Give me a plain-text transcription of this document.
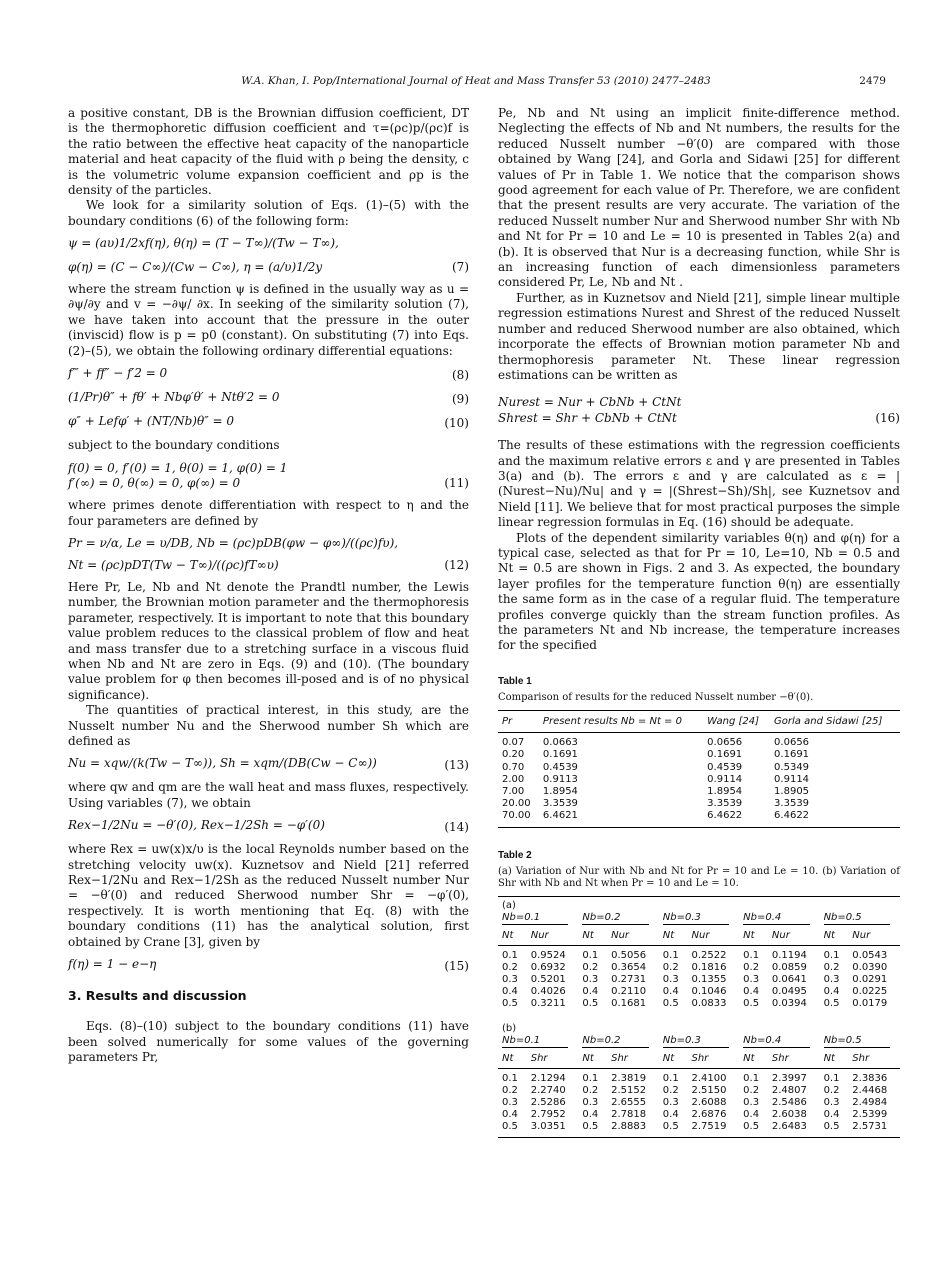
W.A. Khan, I. Pop/International Journal of Heat and Mass Transfer 53 (2010) 2477–2483	2479

a positive constant, DB is the Brownian diffusion coefficient, DT is the thermophoretic diffusion coefficient and τ=(ρc)p/(ρc)f is the ratio between the effective heat capacity of the nanoparticle material and heat capacity of the fluid with ρ being the density, c is the volumetric volume expansion coefficient and ρp is the density of the particles.

We look for a similarity solution of Eqs. (1)–(5) with the boundary conditions (6) of the following form:

ψ = (aυ)1/2xf(η), θ(η) = (T − T∞)/(Tw − T∞),
φ(η) = (C − C∞)/(Cw − C∞), η = (a/υ)1/2y	(7)

where the stream function ψ is defined in the usually way as u = ∂ψ/∂y and v = −∂ψ/ ∂x. In seeking of the similarity solution (7), we have taken into account that the pressure in the outer (inviscid) flow is p = p0 (constant). On substituting (7) into Eqs. (2)–(5), we obtain the following ordinary differential equations:

f‴ + ff″ − f′2 = 0	(8)
(1/Pr)θ″ + fθ′ + Nbφ′θ′ + Ntθ′2 = 0	(9)
φ″ + Lefφ′ + (NT/Nb)θ″ = 0	(10)

subject to the boundary conditions

f(0) = 0, f′(0) = 1, θ(0) = 1, φ(0) = 1
f′(∞) = 0, θ(∞) = 0, φ(∞) = 0	(11)

where primes denote differentiation with respect to η and the four parameters are defined by

Pr = ν/α, Le = υ/DB, Nb = (ρc)pDB(φw − φ∞)/((ρc)fυ),
Nt = (ρc)pDT(Tw − T∞)/((ρc)fT∞υ)	(12)

Here Pr, Le, Nb and Nt denote the Prandtl number, the Lewis number, the Brownian motion parameter and the thermophoresis parameter, respectively. It is important to note that this boundary value problem reduces to the classical problem of flow and heat and mass transfer due to a stretching surface in a viscous fluid when Nb and Nt are zero in Eqs. (9) and (10). (The boundary value problem for φ then becomes ill-posed and is of no physical significance).

The quantities of practical interest, in this study, are the Nusselt number Nu and the Sherwood number Sh which are defined as

Nu = xqw/(k(Tw − T∞)), Sh = xqm/(DB(Cw − C∞))	(13)

where qw and qm are the wall heat and mass fluxes, respectively. Using variables (7), we obtain

Rex−1/2Nu = −θ′(0), Rex−1/2Sh = −φ′(0)	(14)

where Rex = uw(x)x/υ is the local Reynolds number based on the stretching velocity uw(x). Kuznetsov and Nield [21] referred Rex−1/2Nu and Rex−1/2Sh as the reduced Nusselt number Nur = −θ′(0) and reduced Sherwood number Shr = −φ′(0), respectively. It is worth mentioning that Eq. (8) with the boundary conditions (11) has the analytical solution, first obtained by Crane [3], given by

f(η) = 1 − e−η	(15)
3. Results and discussion

Eqs. (8)–(10) subject to the boundary conditions (11) have been solved numerically for some values of the governing parameters Pr,

Pe, Nb and Nt using an implicit finite-difference method. Neglecting the effects of Nb and Nt numbers, the results for the reduced Nusselt number −θ′(0) are compared with those obtained by Wang [24], and Gorla and Sidawi [25] for different values of Pr in Table 1. We notice that the comparison shows good agreement for each value of Pr. Therefore, we are confident that the present results are very accurate. The variation of the reduced Nusselt number Nur and Sherwood number Shr with Nb and Nt for Pr = 10 and Le = 10 is presented in Tables 2(a) and (b). It is observed that Nur is a decreasing function, while Shr is an increasing function of each dimensionless parameters considered Pr, Le, Nb and Nt .

Further, as in Kuznetsov and Nield [21], simple linear multiple regression estimations Nurest and Shrest of the reduced Nusselt number and reduced Sherwood number are also obtained, which incorporate the effects of Brownian motion parameter Nb and thermophoresis parameter Nt. These linear regression estimations can be written as

Nurest = Nur + CbNb + CtNt
Shrest = Shr + CbNb + CtNt	(16)

The results of these estimations with the regression coefficients and the maximum relative errors ε and γ are presented in Tables 3(a) and (b). The errors ε and γ are calculated as ε = |(Nurest−Nu)/Nu| and γ = |(Shrest−Sh)/Sh|, see Kuznetsov and Nield [11]. We believe that for most practical purposes the simple linear regression formulas in Eq. (16) should be adequate.

Plots of the dependent similarity variables θ(η) and φ(η) for a typical case, selected as that for Pr = 10, Le=10, Nb = 0.5 and Nt = 0.5 are shown in Figs. 2 and 3. As expected, the boundary layer profiles for the temperature function θ(η) are essentially the same form as in the case of a regular fluid. The temperature profiles converge quickly than the stream function profiles. As the parameters Nt and Nb increase, the temperature increases for the specified

Table 1
Comparison of results for the reduced Nusselt number −θ′(0).
Pr	Present results Nb = Nt = 0	Wang [24]	Gorla and Sidawi [25]
0.07	0.0663	0.0656	0.0656
0.20	0.1691	0.1691	0.1691
0.70	0.4539	0.4539	0.5349
2.00	0.9113	0.9114	0.9114
7.00	1.8954	1.8954	1.8905
20.00	3.3539	3.3539	3.3539
70.00	6.4621	6.4622	6.4622
Table 2
(a) Variation of Nur with Nb and Nt for Pr = 10 and Le = 10. (b) Variation of Shr with Nb and Nt when Pr = 10 and Le = 10.
(a)									

Nb=0.1		Nb=0.2		Nb=0.3		Nb=0.4		Nb=0.5	

Nt	Nur	Nt	Nur	Nt	Nur	Nt	Nur	Nt	Nur
0.1	0.9524	0.1	0.5056	0.1	0.2522	0.1	0.1194	0.1	0.0543
0.2	0.6932	0.2	0.3654	0.2	0.1816	0.2	0.0859	0.2	0.0390
0.3	0.5201	0.3	0.2731	0.3	0.1355	0.3	0.0641	0.3	0.0291
0.4	0.4026	0.4	0.2110	0.4	0.1046	0.4	0.0495	0.4	0.0225
0.5	0.3211	0.5	0.1681	0.5	0.0833	0.5	0.0394	0.5	0.0179
(b)									

Nb=0.1		Nb=0.2		Nb=0.3		Nb=0.4		Nb=0.5	

Nt	Shr	Nt	Shr	Nt	Shr	Nt	Shr	Nt	Shr
0.1	2.1294	0.1	2.3819	0.1	2.4100	0.1	2.3997	0.1	2.3836
0.2	2.2740	0.2	2.5152	0.2	2.5150	0.2	2.4807	0.2	2.4468
0.3	2.5286	0.3	2.6555	0.3	2.6088	0.3	2.5486	0.3	2.4984
0.4	2.7952	0.4	2.7818	0.4	2.6876	0.4	2.6038	0.4	2.5399
0.5	3.0351	0.5	2.8883	0.5	2.7519	0.5	2.6483	0.5	2.5731
